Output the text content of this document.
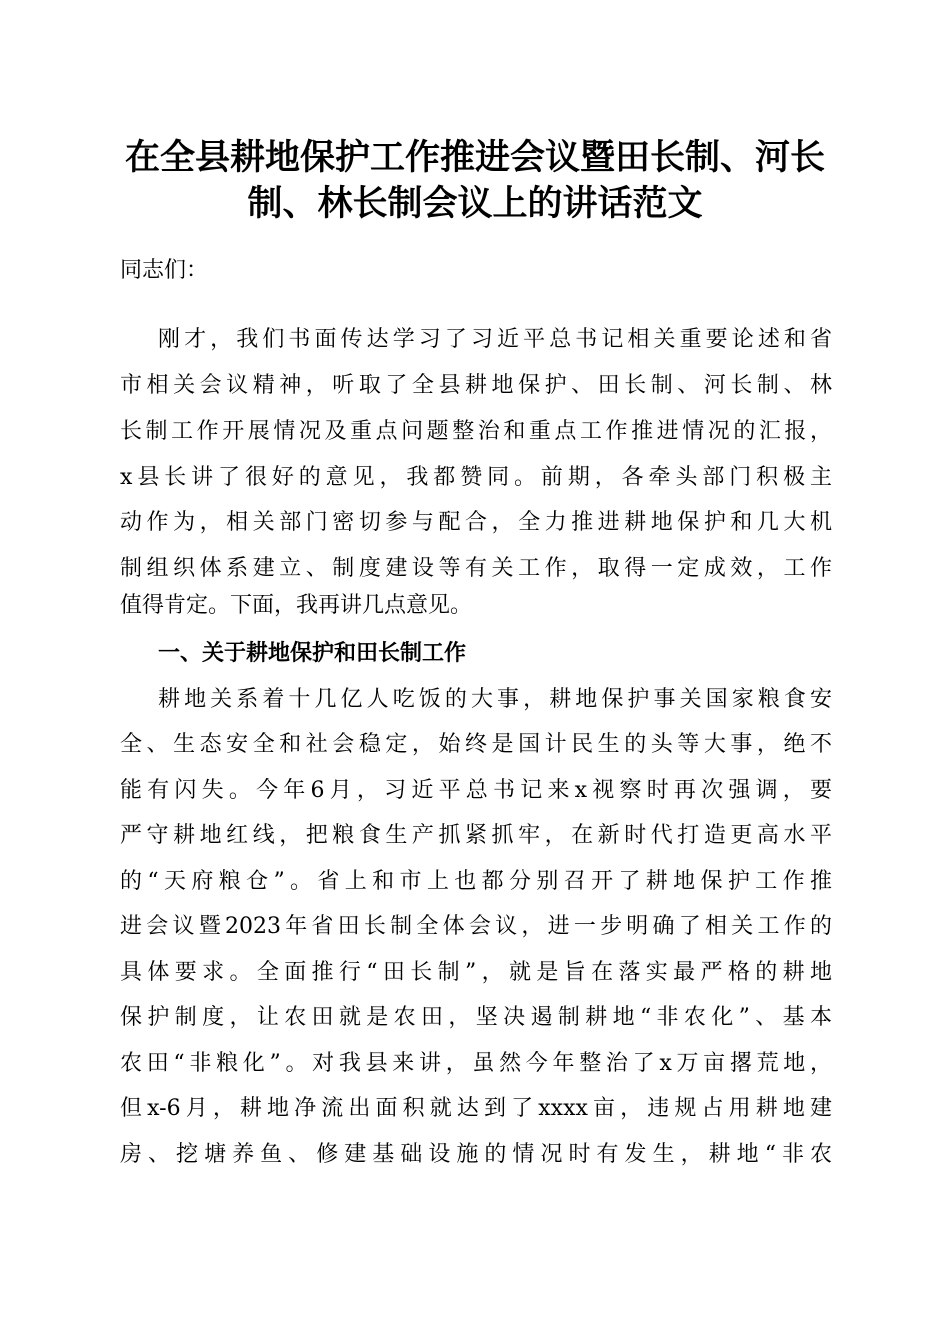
在全县耕地保护工作推进会议暨田长制、河长
制、林长制会议上的讲话范文

同志们：

刚才，我们书面传达学习了习近平总书记相关重要论述和省

市相关会议精神，听取了全县耕地保护、田长制、河长制、林

长制工作开展情况及重点问题整治和重点工作推进情况的汇报，

x县长讲了很好的意见，我都赞同。前期，各牵头部门积极主

动作为，相关部门密切参与配合，全力推进耕地保护和几大机

制组织体系建立、制度建设等有关工作，取得一定成效，工作

值得肯定。下面，我再讲几点意见。

一、关于耕地保护和田长制工作

耕地关系着十几亿人吃饭的大事，耕地保护事关国家粮食安

全、生态安全和社会稳定，始终是国计民生的头等大事，绝不

能有闪失。今年6月，习近平总书记来x视察时再次强调，要

严守耕地红线，把粮食生产抓紧抓牢，在新时代打造更高水平

的“天府粮仓”。省上和市上也都分别召开了耕地保护工作推

进会议暨2023年省田长制全体会议，进一步明确了相关工作的

具体要求。全面推行“田长制”，就是旨在落实最严格的耕地

保护制度，让农田就是农田，坚决遏制耕地“非农化”、基本

农田“非粮化”。对我县来讲，虽然今年整治了x万亩撂荒地，

但x-6月，耕地净流出面积就达到了xxxx亩，违规占用耕地建

房、挖塘养鱼、修建基础设施的情况时有发生，耕地“非农
